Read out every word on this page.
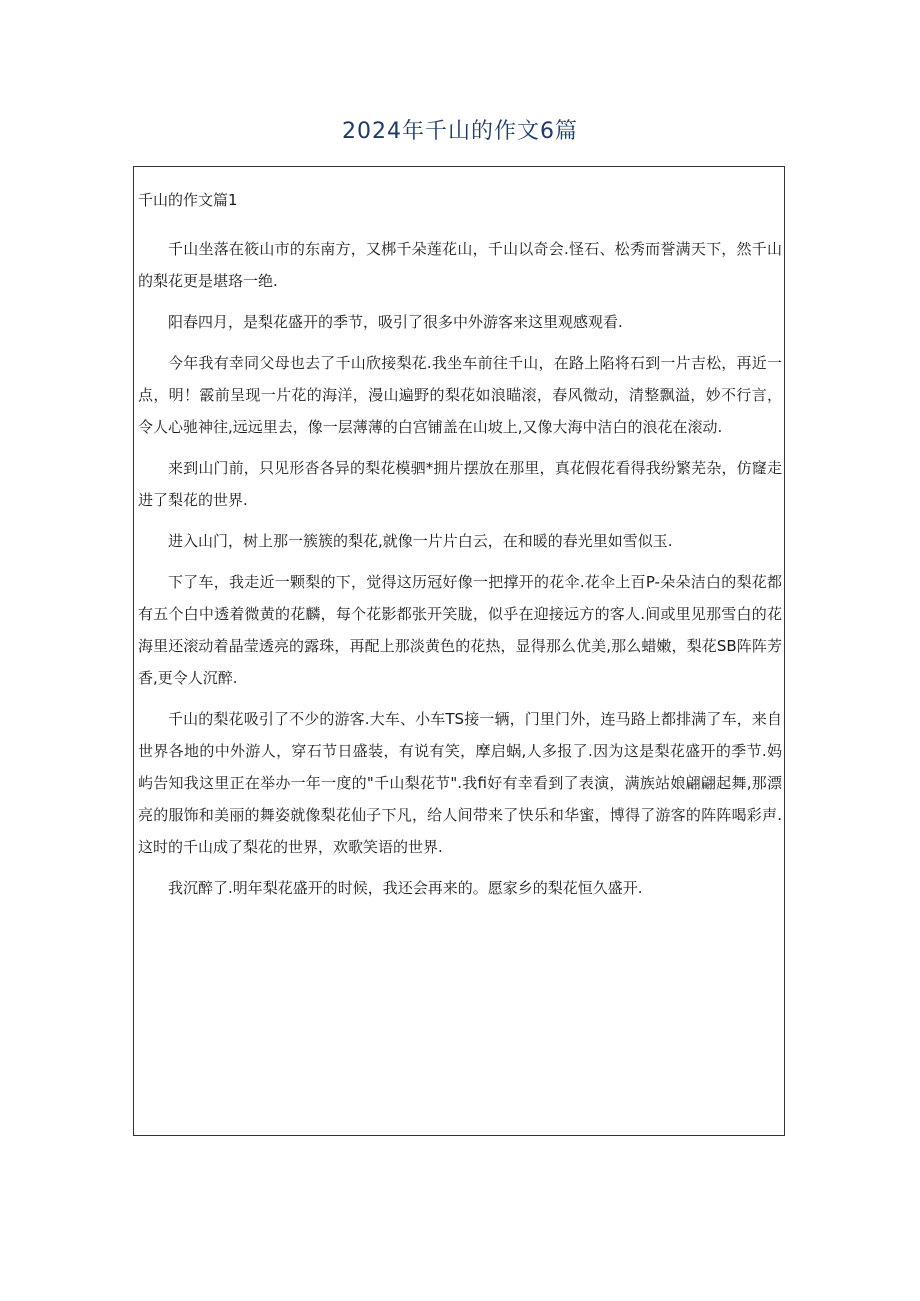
2024年千山的作文6篇
千山的作文篇1

千山坐落在筱山市的东南方，又梆千朵莲花山，千山以奇会.怪石、松秀而誉满天下，然千山的梨花更是堪珞一绝.

阳春四月，是梨花盛开的季节，吸引了很多中外游客来这里观感观看.

今年我有幸同父母也去了千山欣接梨花.我坐车前往千山，在路上陷将石到一片吉松，再近一点，明！霰前呈现一片花的海洋，漫山遍野的梨花如浪瞄滚，春风微动，清整飘溢，妙不行言，令人心驰神往,远远里去，像一层薄薄的白宫铺盖在山坡上,又像大海中洁白的浪花在滚动.

来到山门前，只见形沓各异的梨花模驷*拥片摆放在那里，真花假花看得我纷繁芜杂，仿窿走进了梨花的世界.

进入山门，树上那一簇簇的梨花,就像一片片白云，在和暖的春光里如雪似玉.

下了车，我走近一颗梨的下，觉得这历冠好像一把撑开的花伞.花伞上百P-朵朵洁白的梨花都有五个白中透着微黄的花麟，每个花影都张开笑胧，似乎在迎接远方的客人.间或里见那雪白的花海里还滚动着晶莹透亮的露珠，再配上那淡黄色的花热，显得那么优美,那么蜡嫩，梨花SB阵阵芳香,更令人沉醉.

千山的梨花吸引了不少的游客.大车、小车TS接一辆，门里门外，连马路上都排满了车，来自世界各地的中外游人，穿石节日盛装，有说有笑，摩启蜗,人多报了.因为这是梨花盛开的季节.妈屿告知我这里正在举办一年一度的"千山梨花节".我fi好有幸看到了表演，满族站娘翩翩起舞,那漂亮的服饰和美丽的舞姿就像梨花仙子下凡，给人间带来了快乐和华蜜，博得了游客的阵阵喝彩声.这时的千山成了梨花的世界，欢歌笑语的世界.

我沉醉了.明年梨花盛开的时候，我还会再来的。愿家乡的梨花恒久盛开.
